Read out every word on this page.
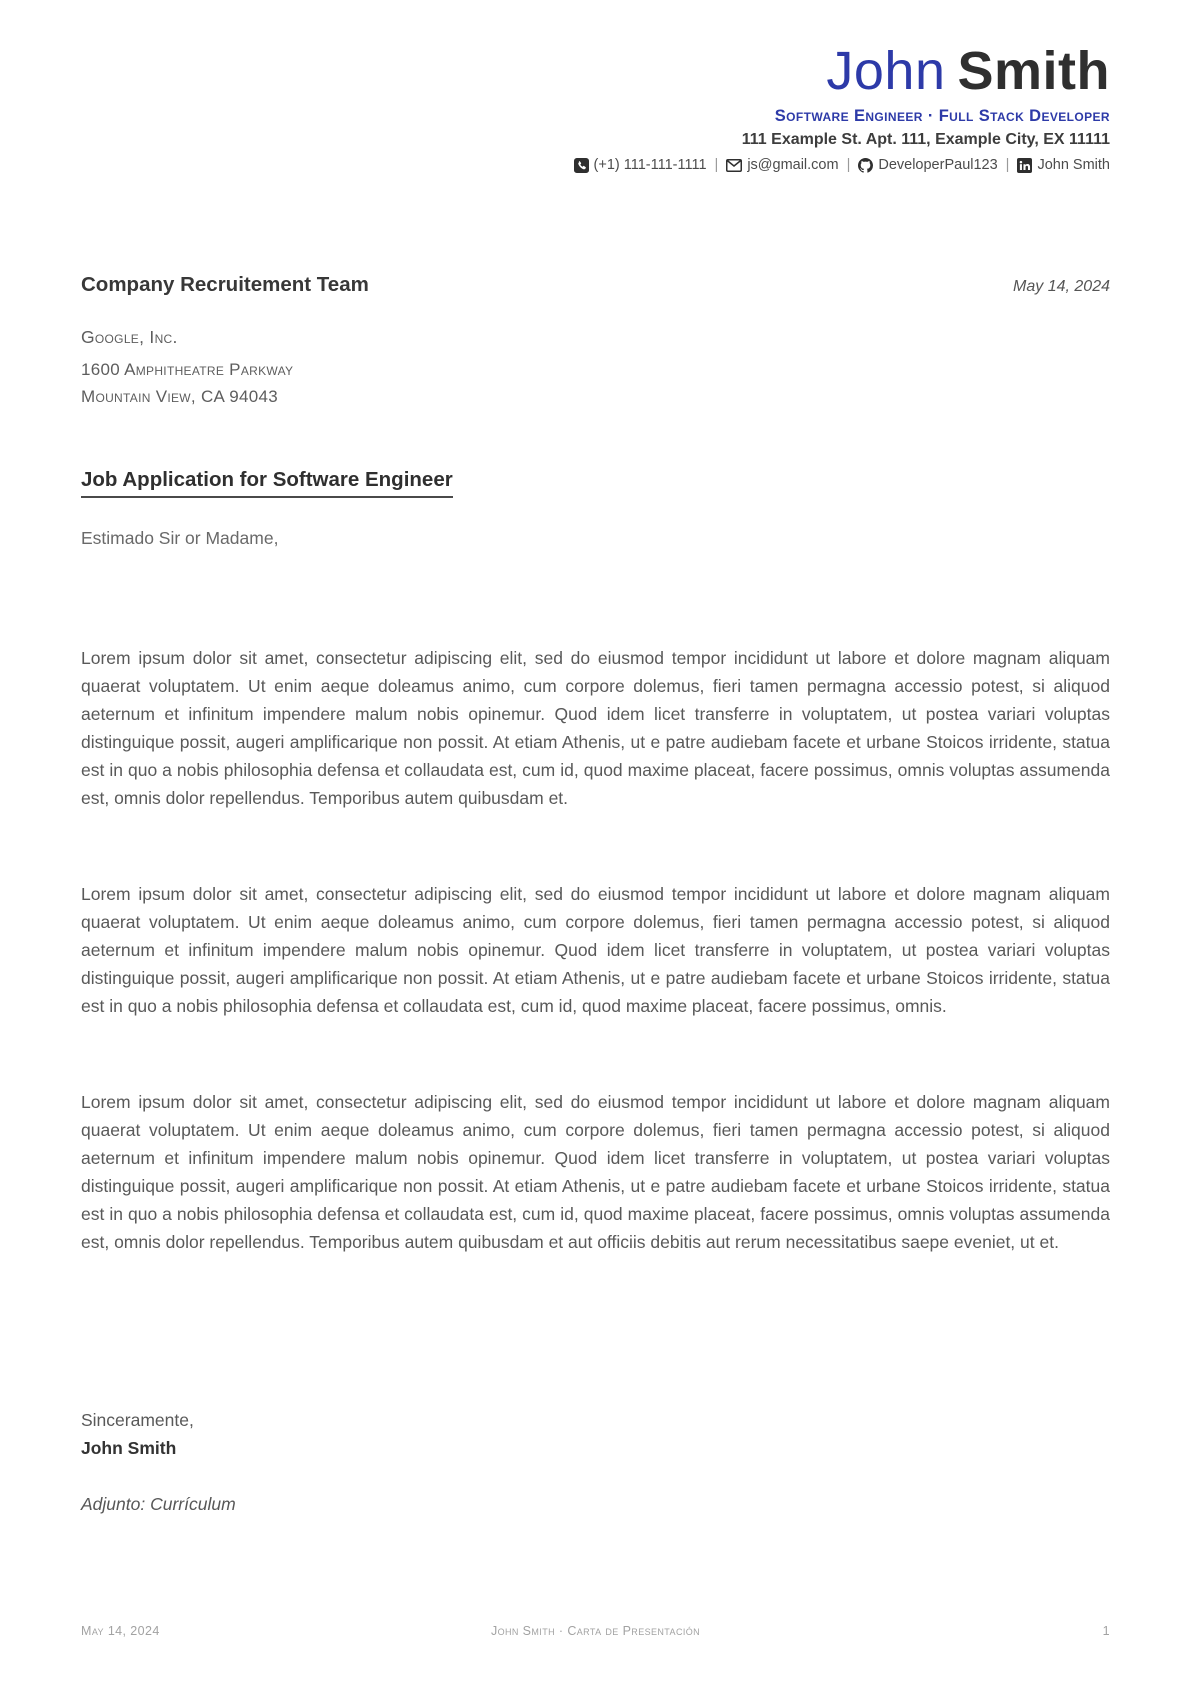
John Smith
Software Engineer · Full Stack Developer
111 Example St. Apt. 111, Example City, EX 11111
(+1) 111-111-1111 | js@gmail.com | DeveloperPaul123 | John Smith
Company Recruitement Team	May 14, 2024
Google, Inc.
1600 Amphitheatre Parkway
Mountain View, CA 94043
Job Application for Software Engineer
Estimado Sir or Madame,

Lorem ipsum dolor sit amet, consectetur adipiscing elit, sed do eiusmod tempor incididunt ut labore et dolore magnam aliquam quaerat voluptatem. Ut enim aeque doleamus animo, cum corpore dolemus, fieri tamen permagna accessio potest, si aliquod aeternum et infinitum impendere malum nobis opinemur. Quod idem licet transferre in voluptatem, ut postea variari voluptas distinguique possit, augeri amplificarique non possit. At etiam Athenis, ut e patre audiebam facete et urbane Stoicos irridente, statua est in quo a nobis philosophia defensa et collaudata est, cum id, quod maxime placeat, facere possimus, omnis voluptas assumenda est, omnis dolor repellendus. Temporibus autem quibusdam et.

Lorem ipsum dolor sit amet, consectetur adipiscing elit, sed do eiusmod tempor incididunt ut labore et dolore magnam aliquam quaerat voluptatem. Ut enim aeque doleamus animo, cum corpore dolemus, fieri tamen permagna accessio potest, si aliquod aeternum et infinitum impendere malum nobis opinemur. Quod idem licet transferre in voluptatem, ut postea variari voluptas distinguique possit, augeri amplificarique non possit. At etiam Athenis, ut e patre audiebam facete et urbane Stoicos irridente, statua est in quo a nobis philosophia defensa et collaudata est, cum id, quod maxime placeat, facere possimus, omnis.

Lorem ipsum dolor sit amet, consectetur adipiscing elit, sed do eiusmod tempor incididunt ut labore et dolore magnam aliquam quaerat voluptatem. Ut enim aeque doleamus animo, cum corpore dolemus, fieri tamen permagna accessio potest, si aliquod aeternum et infinitum impendere malum nobis opinemur. Quod idem licet transferre in voluptatem, ut postea variari voluptas distinguique possit, augeri amplificarique non possit. At etiam Athenis, ut e patre audiebam facete et urbane Stoicos irridente, statua est in quo a nobis philosophia defensa et collaudata est, cum id, quod maxime placeat, facere possimus, omnis voluptas assumenda est, omnis dolor repellendus. Temporibus autem quibusdam et aut officiis debitis aut rerum necessitatibus saepe eveniet, ut et.

Sinceramente,
John Smith
Adjunto: Currículum
May 14, 2024	John Smith · Carta de Presentación	1
